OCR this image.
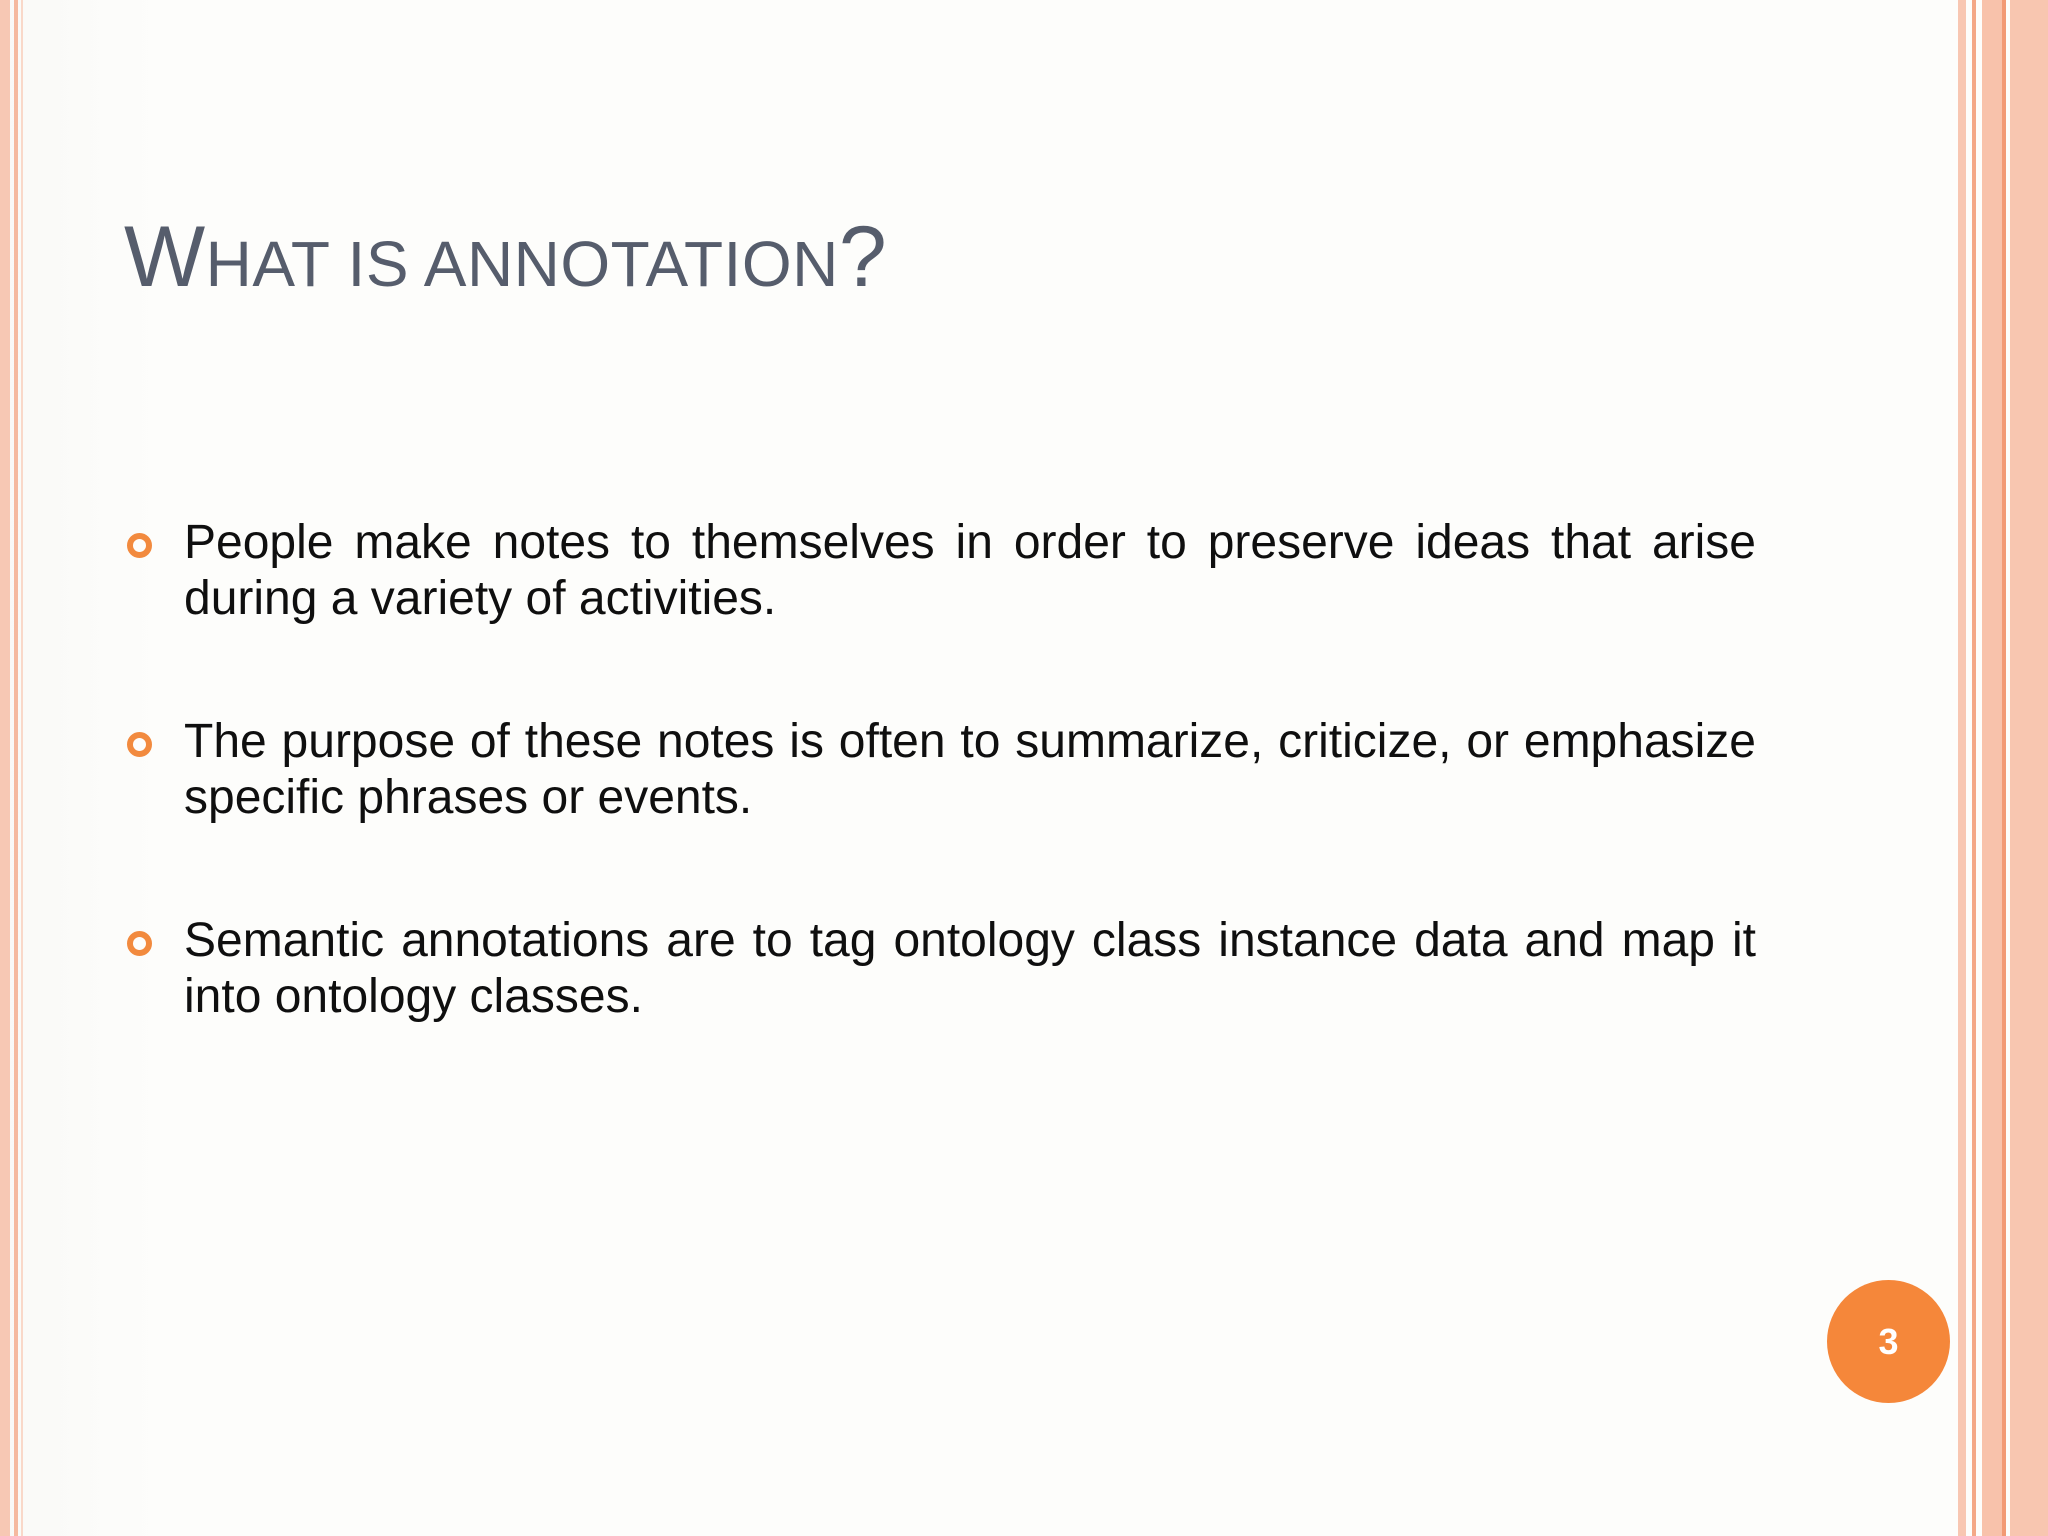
WHAT IS ANNOTATION?
People make notes to themselves in order to preserve ideas that arise during a variety of activities.
The purpose of these notes is often to summarize, criticize, or emphasize specific phrases or events.
Semantic annotations are to tag ontology class instance data and map it into ontology classes.
3
